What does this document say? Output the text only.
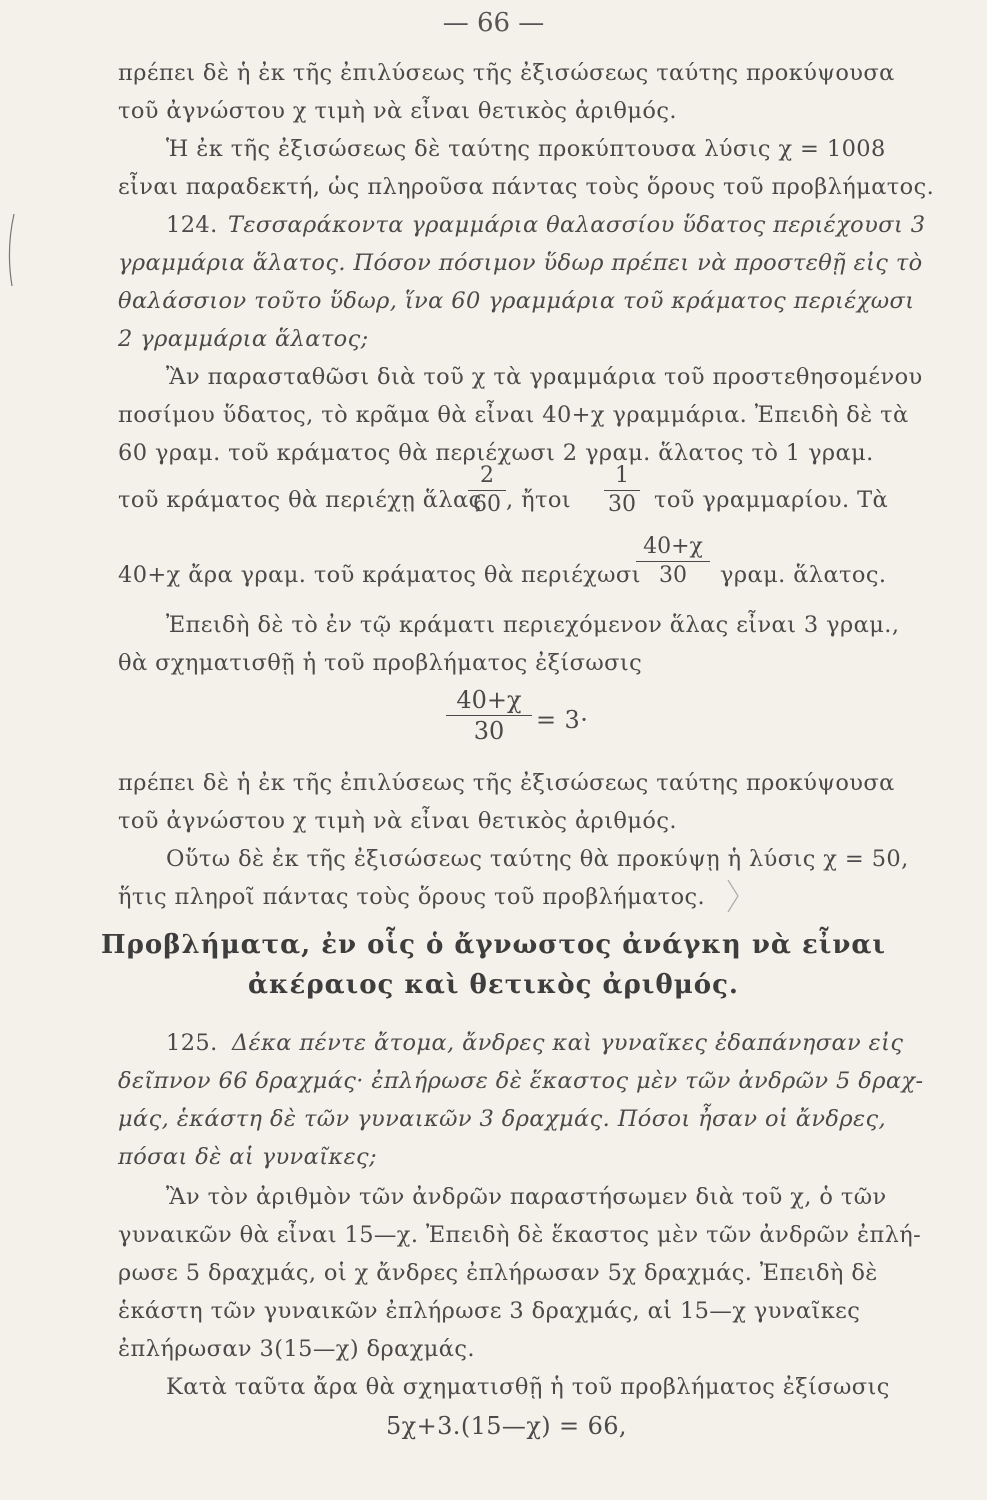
— 66 —
πρέπει δὲ ἡ ἐκ τῆς ἐπιλύσεως τῆς ἐξισώσεως ταύτης προκύψουσα
τοῦ ἀγνώστου χ τιμὴ νὰ εἶναι θετικὸς ἀριθμός.
Ἡ ἐκ τῆς ἐξισώσεως δὲ ταύτης προκύπτουσα λύσις χ = 1008
εἶναι παραδεκτή, ὡς πληροῦσα πάντας τοὺς ὅρους τοῦ προβλήματος.
124. Τεσσαράκοντα γραμμάρια θαλασσίου ὕδατος περιέχουσι 3
γραμμάρια ἅλατος. Πόσον πόσιμον ὕδωρ πρέπει νὰ προστεθῇ εἰς τὸ
θαλάσσιον τοῦτο ὕδωρ, ἵνα 60 γραμμάρια τοῦ κράματος περιέχωσι
2 γραμμάρια ἅλατος;
Ἂν παρασταθῶσι διὰ τοῦ χ τὰ γραμμάρια τοῦ προστεθησομένου
ποσίμου ὕδατος, τὸ κρᾶμα θὰ εἶναι 40+χ γραμμάρια. Ἐπειδὴ δὲ τὰ
60 γραμ. τοῦ κράματος θὰ περιέχωσι 2 γραμ. ἅλατος τὸ 1 γραμ.
τοῦ κράματος θὰ περιέχῃ ἅλας
2
60 , ἤτοι
1
30 τοῦ γραμμαρίου. Τὰ
40+χ ἄρα γραμ. τοῦ κράματος θὰ περιέχωσι
40+χ
30	γραμ. ἅλατος.
Ἐπειδὴ δὲ τὸ ἐν τῷ κράματι περιεχόμενον ἅλας εἶναι 3 γραμ.,
θὰ σχηματισθῇ ἡ τοῦ προβλήματος ἐξίσωσις
40+χ
30	= 3·
πρέπει δὲ ἡ ἐκ τῆς ἐπιλύσεως τῆς ἐξισώσεως ταύτης προκύψουσα
τοῦ ἀγνώστου χ τιμὴ νὰ εἶναι θετικὸς ἀριθμός.
Οὕτω δὲ ἐκ τῆς ἐξισώσεως ταύτης θὰ προκύψῃ ἡ λύσις χ = 50,
ἥτις πληροῖ πάντας τοὺς ὅρους τοῦ προβλήματος.
Προβλήματα, ἐν οἷς ὁ ἄγνωστος ἀνάγκη νὰ εἶναι
ἀκέραιος καὶ θετικὸς ἀριθμός.
125. Δέκα πέντε ἄτομα, ἄνδρες καὶ γυναῖκες ἐδαπάνησαν εἰς
δεῖπνον 66 δραχμάς· ἐπλήρωσε δὲ ἕκαστος μὲν τῶν ἀνδρῶν 5 δραχ-
μάς, ἑκάστη δὲ τῶν γυναικῶν 3 δραχμάς. Πόσοι ἦσαν οἱ ἄνδρες,
πόσαι δὲ αἱ γυναῖκες;
Ἂν τὸν ἀριθμὸν τῶν ἀνδρῶν παραστήσωμεν διὰ τοῦ χ, ὁ τῶν
γυναικῶν θὰ εἶναι 15—χ. Ἐπειδὴ δὲ ἕκαστος μὲν τῶν ἀνδρῶν ἐπλή-
ρωσε 5 δραχμάς, οἱ χ ἄνδρες ἐπλήρωσαν 5χ δραχμάς. Ἐπειδὴ δὲ
ἑκάστη τῶν γυναικῶν ἐπλήρωσε 3 δραχμάς, αἱ 15—χ γυναῖκες
ἐπλήρωσαν 3(15—χ) δραχμάς.
Κατὰ ταῦτα ἄρα θὰ σχηματισθῇ ἡ τοῦ προβλήματος ἐξίσωσις
5χ+3.(15—χ) = 66,
